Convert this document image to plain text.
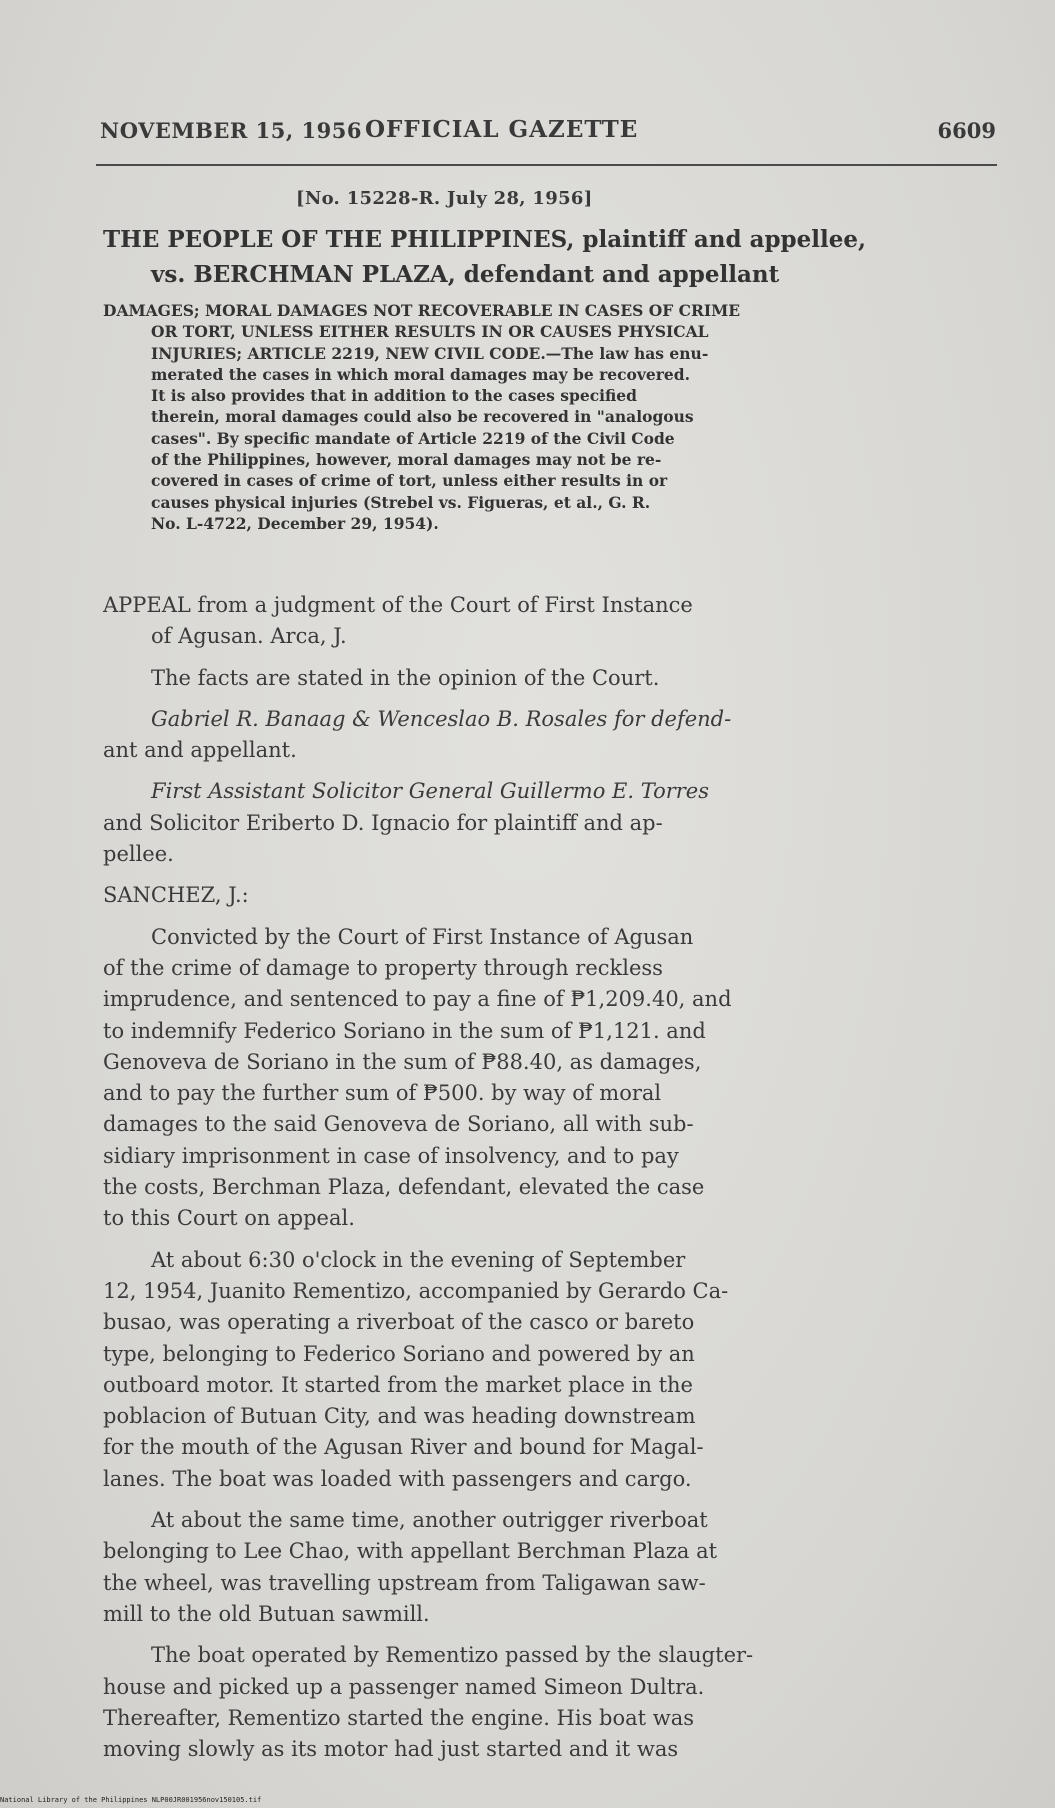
NOVEMBER 15, 1956 OFFICIAL GAZETTE	6609
[No. 15228-R. July 28, 1956]
THE PEOPLE OF THE PHILIPPINES, plaintiff and appellee,
vs. BERCHMAN PLAZA, defendant and appellant
DAMAGES; MORAL DAMAGES NOT RECOVERABLE IN CASES OF CRIME
OR TORT, UNLESS EITHER RESULTS IN OR CAUSES PHYSICAL
INJURIES; ARTICLE 2219, NEW CIVIL CODE.—The law has enu-
merated the cases in which moral damages may be recovered.
It is also provides that in addition to the cases specified
therein, moral damages could also be recovered in "analogous
cases". By specific mandate of Article 2219 of the Civil Code
of the Philippines, however, moral damages may not be re-
covered in cases of crime of tort, unless either results in or
causes physical injuries (Strebel vs. Figueras, et al., G. R.
No. L-4722, December 29, 1954).
APPEAL from a judgment of the Court of First Instance
of Agusan. Arca, J.
The facts are stated in the opinion of the Court.
Gabriel R. Banaag & Wenceslao B. Rosales for defend-
ant and appellant.
First Assistant Solicitor General Guillermo E. Torres
and Solicitor Eriberto D. Ignacio for plaintiff and ap-
pellee.
SANCHEZ, J.:
Convicted by the Court of First Instance of Agusan
of the crime of damage to property through reckless
imprudence, and sentenced to pay a fine of ₱1,209.40, and
to indemnify Federico Soriano in the sum of ₱1,121. and
Genoveva de Soriano in the sum of ₱88.40, as damages,
and to pay the further sum of ₱500. by way of moral
damages to the said Genoveva de Soriano, all with sub-
sidiary imprisonment in case of insolvency, and to pay
the costs, Berchman Plaza, defendant, elevated the case
to this Court on appeal.
At about 6:30 o'clock in the evening of September
12, 1954, Juanito Rementizo, accompanied by Gerardo Ca-
busao, was operating a riverboat of the casco or bareto
type, belonging to Federico Soriano and powered by an
outboard motor. It started from the market place in the
poblacion of Butuan City, and was heading downstream
for the mouth of the Agusan River and bound for Magal-
lanes. The boat was loaded with passengers and cargo.
At about the same time, another outrigger riverboat
belonging to Lee Chao, with appellant Berchman Plaza at
the wheel, was travelling upstream from Taligawan saw-
mill to the old Butuan sawmill.
The boat operated by Rementizo passed by the slaugter-
house and picked up a passenger named Simeon Dultra.
Thereafter, Rementizo started the engine. His boat was
moving slowly as its motor had just started and it was
National Library of the Philippines NLP00JR001956nov150105.tif
